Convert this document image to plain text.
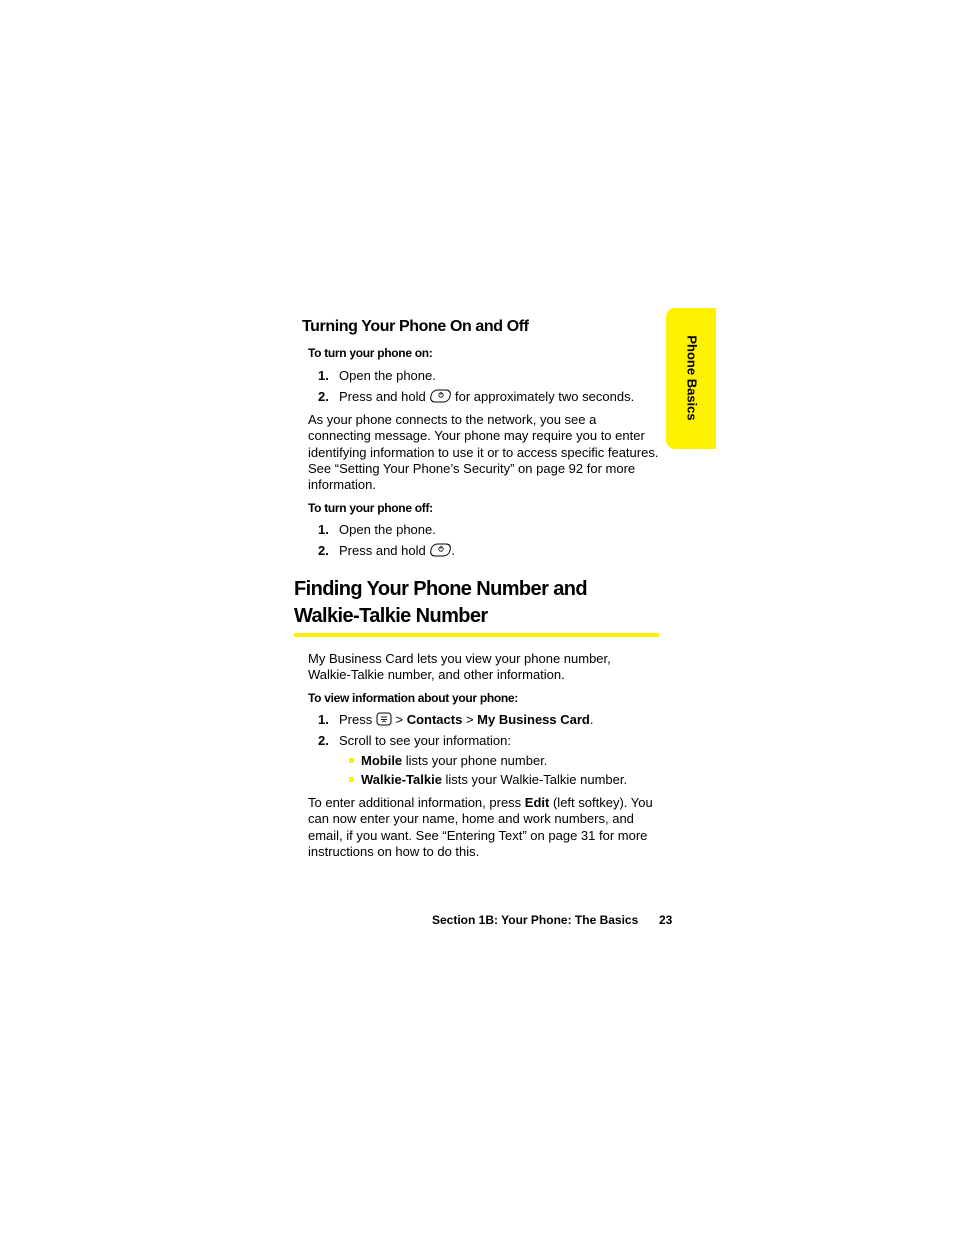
Phone Basics
Turning Your Phone On and Off
To turn your phone on:
1. Open the phone.
2. Press and hold for approximately two seconds.
As your phone connects to the network, you see a connecting message. Your phone may require you to enter identifying information to use it or to access specific features. See “Setting Your Phone’s Security” on page 92 for more information.
To turn your phone off:
1. Open the phone.
2. Press and hold .
Finding Your Phone Number and
Walkie-Talkie Number
My Business Card lets you view your phone number, Walkie-Talkie number, and other information.
To view information about your phone:
1. Press > Contacts > My Business Card.
2. Scroll to see your information:
Mobile lists your phone number.
Walkie-Talkie lists your Walkie-Talkie number.
To enter additional information, press Edit (left softkey). You can now enter your name, home and work numbers, and email, if you want. See “Entering Text” on page 31 for more instructions on how to do this.
Section 1B: Your Phone: The Basics 23
